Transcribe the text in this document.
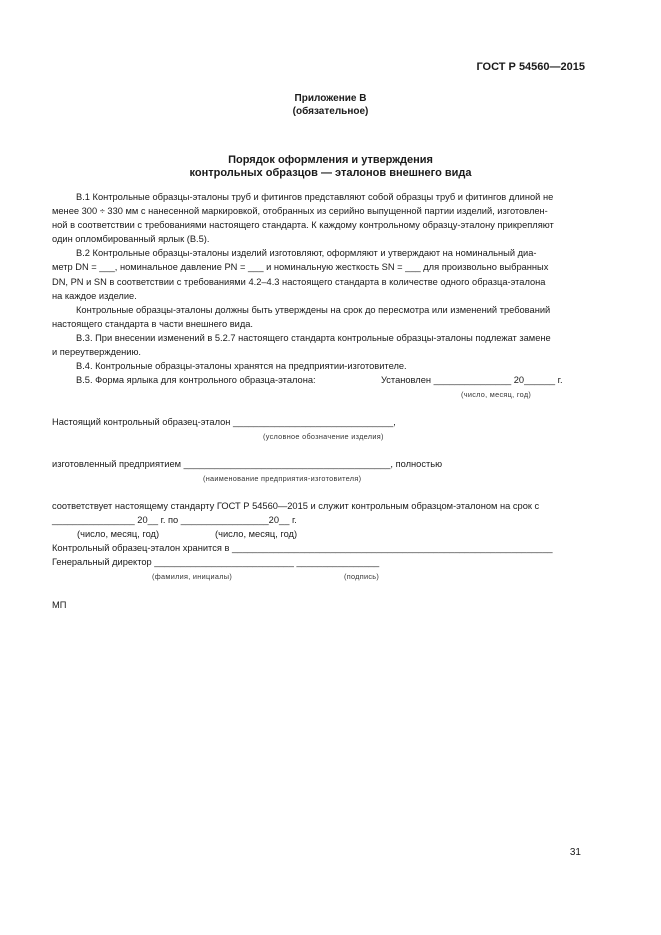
ГОСТ Р 54560—2015
Приложение В
(обязательное)
Порядок оформления и утверждения
контрольных образцов — эталонов внешнего вида

В.1 Контрольные образцы-эталоны труб и фитингов представляют собой образцы труб и фитингов длиной не
менее 300 ÷ 330 мм с нанесенной маркировкой, отобранных из серийно выпущенной партии изделий, изготовлен-
ной в соответствии с требованиями настоящего стандарта. К каждому контрольному образцу-эталону прикрепляют
один опломбированный ярлык (В.5).

В.2 Контрольные образцы-эталоны изделий изготовляют, оформляют и утверждают на номинальный диа-
метр DN = ___, номинальное давление PN = ___ и номинальную жесткость SN = ___ для произвольно выбранных
DN, PN и SN в соответствии с требованиями 4.2–4.3 настоящего стандарта в количестве одного образца-эталона
на каждое изделие.

Контрольные образцы-эталоны должны быть утверждены на срок до пересмотра или изменений требований
настоящего стандарта в части внешнего вида.

В.3. При внесении изменений в 5.2.7 настоящего стандарта контрольные образцы-эталоны подлежат замене
и переутверждению.

В.4. Контрольные образцы-эталоны хранятся на предприятии-изготовителе.

В.5. Форма ярлыка для контрольного образца-эталона:	Установлен _______________ 20______ г.
(число, месяц, год)
Настоящий контрольный образец-эталон _______________________________,
(условное обозначение изделия)
изготовленный предприятием ________________________________________, полностью
(наименование предприятия-изготовителя)
соответствует настоящему стандарту ГОСТ Р 54560—2015 и служит контрольным образцом-эталоном на срок с
________________ 20__ г. по _________________20__ г.
(число, месяц, год)	(число, месяц, год)
Контрольный образец-эталон хранится в ______________________________________________________________
Генеральный директор ___________________________ ________________
(фамилия, инициалы)	(подпись)
МП
31
